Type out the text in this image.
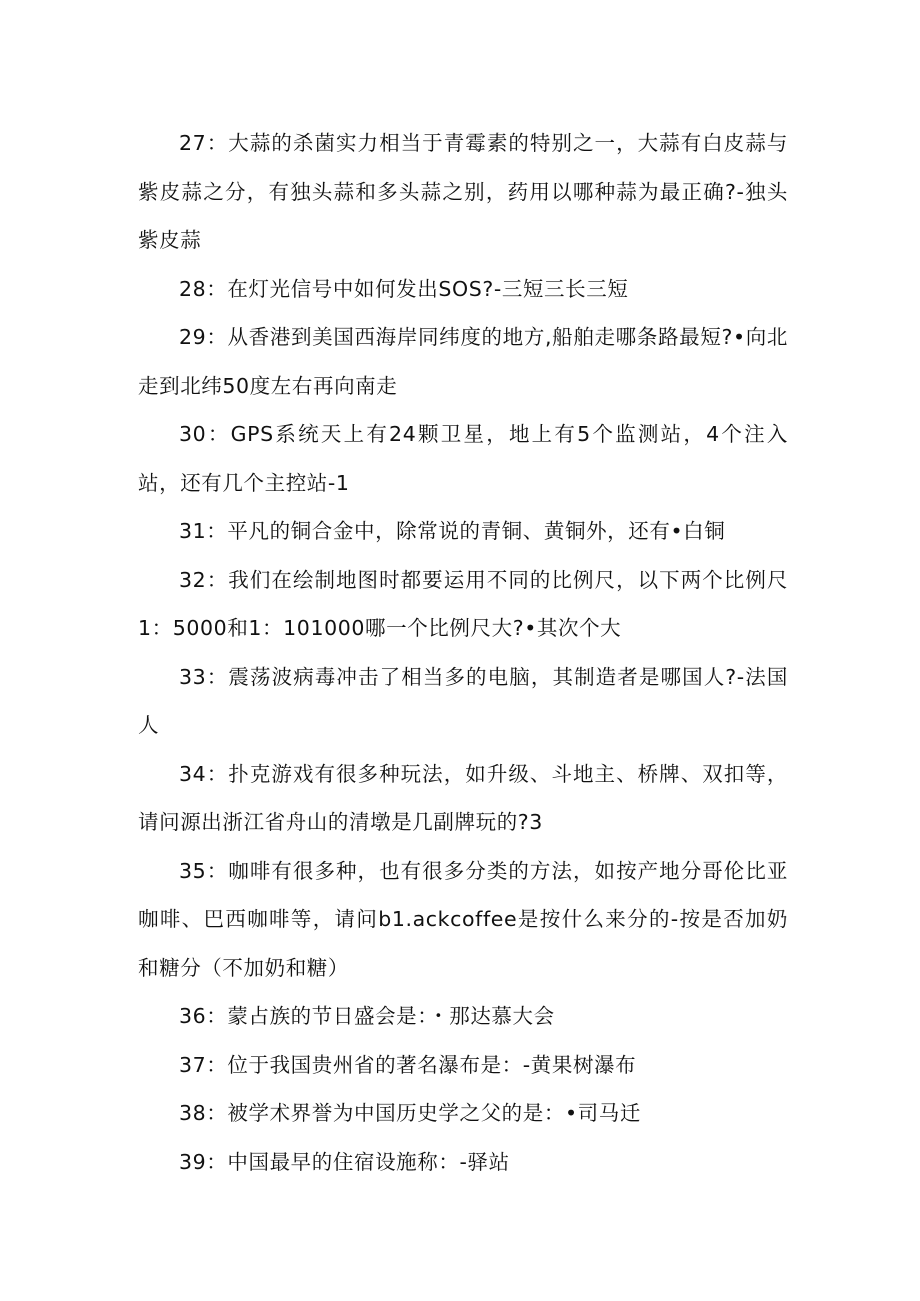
27：大蒜的杀菌实力相当于青霉素的特别之一，大蒜有白皮蒜与紫皮蒜之分，有独头蒜和多头蒜之别，药用以哪种蒜为最正确?-独头紫皮蒜

28：在灯光信号中如何发出SOS?-三短三长三短

29：从香港到美国西海岸同纬度的地方,船舶走哪条路最短?•向北走到北纬50度左右再向南走

30：GPS系统天上有24颗卫星，地上有5个监测站，4个注入站，还有几个主控站-1

31：平凡的铜合金中，除常说的青铜、黄铜外，还有•白铜

32：我们在绘制地图时都要运用不同的比例尺，以下两个比例尺1：5000和1：101000哪一个比例尺大?•其次个大

33：震荡波病毒冲击了相当多的电脑，其制造者是哪国人?-法国人

34：扑克游戏有很多种玩法，如升级、斗地主、桥牌、双扣等，请问源出浙江省舟山的清墩是几副牌玩的?3

35：咖啡有很多种，也有很多分类的方法，如按产地分哥伦比亚咖啡、巴西咖啡等，请问b1.ackcoffee是按什么来分的-按是否加奶和糖分（不加奶和糖）

36：蒙占族的节日盛会是：・那达慕大会

37：位于我国贵州省的著名瀑布是：-黄果树瀑布

38：被学术界誉为中国历史学之父的是：•司马迁

39：中国最早的住宿设施称：-驿站
